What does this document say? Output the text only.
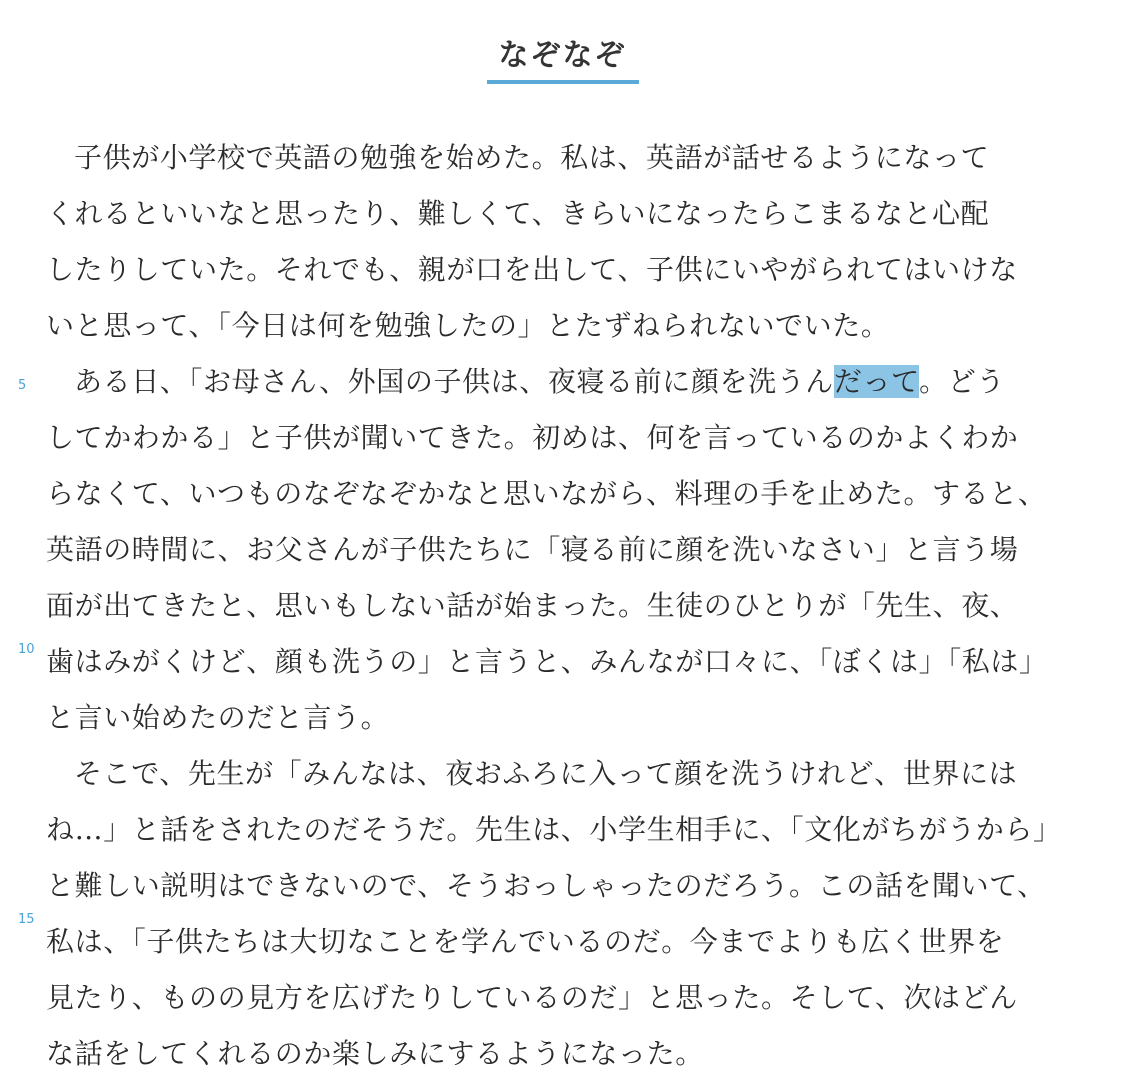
なぞなぞ
子供が小学校で英語の勉強を始めた。私は、英語が話せるようになって
くれるといいなと思ったり、難しくて、きらいになったらこまるなと心配
したりしていた。それでも、親が口を出して、子供にいやがられてはいけな
いと思って、「今日は何を勉強したの」とたずねられないでいた。
5 ある日、「お母さん、外国の子供は、夜寝る前に顔を洗うんだって。どう
してかわかる」と子供が聞いてきた。初めは、何を言っているのかよくわか
らなくて、いつものなぞなぞかなと思いながら、料理の手を止めた。すると、
英語の時間に、お父さんが子供たちに「寝る前に顔を洗いなさい」と言う場
面が出てきたと、思いもしない話が始まった。生徒のひとりが「先生、夜、
10 歯はみがくけど、顔も洗うの」と言うと、みんなが口々に、「ぼくは」「私は」
と言い始めたのだと言う。
そこで、先生が「みんなは、夜おふろに入って顔を洗うけれど、世界には
ね…」と話をされたのだそうだ。先生は、小学生相手に、「文化がちがうから」
と難しい説明はできないので、そうおっしゃったのだろう。この話を聞いて、
15
私は、「子供たちは大切なことを学んでいるのだ。今までよりも広く世界を
見たり、ものの見方を広げたりしているのだ」と思った。そして、次はどん
な話をしてくれるのか楽しみにするようになった。
